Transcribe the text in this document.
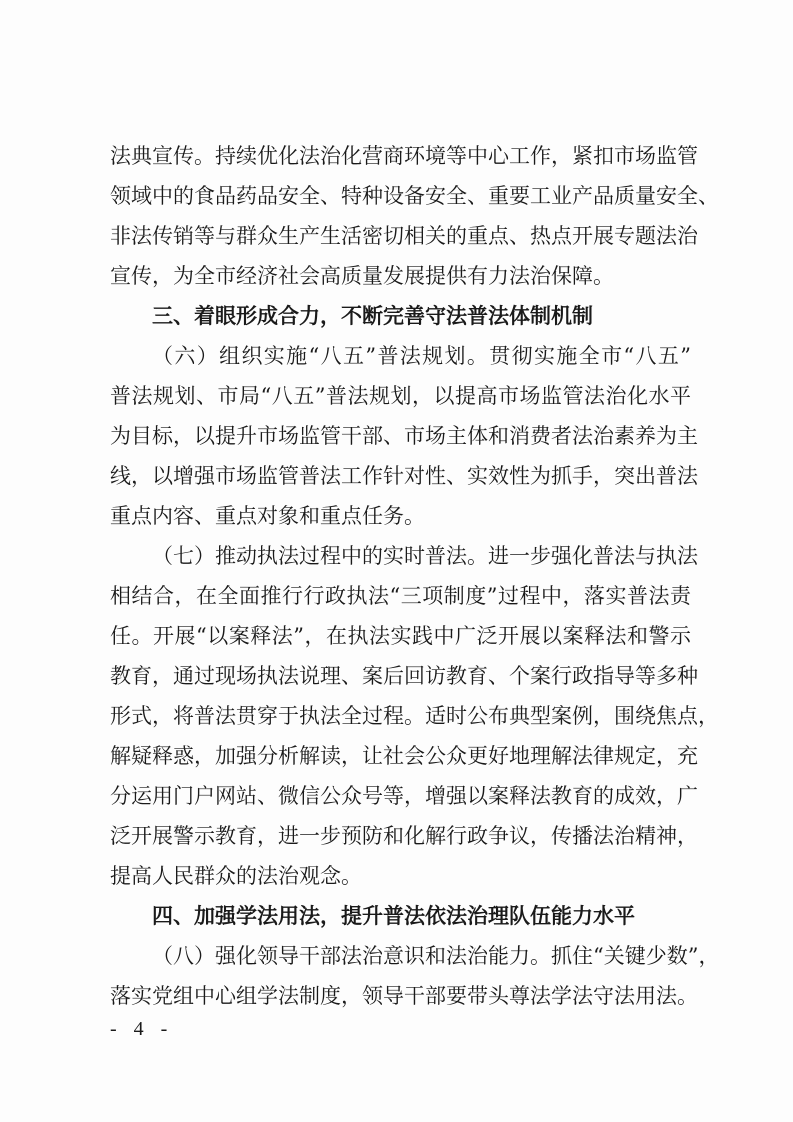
法典宣传。持续优化法治化营商环境等中心工作，紧扣市场监管
领域中的食品药品安全、特种设备安全、重要工业产品质量安全、
非法传销等与群众生产生活密切相关的重点、热点开展专题法治
宣传，为全市经济社会高质量发展提供有力法治保障。
三、着眼形成合力，不断完善守法普法体制机制
（六）组织实施“八五”普法规划。贯彻实施全市“八五”
普法规划、市局“八五”普法规划，以提高市场监管法治化水平
为目标，以提升市场监管干部、市场主体和消费者法治素养为主
线，以增强市场监管普法工作针对性、实效性为抓手，突出普法
重点内容、重点对象和重点任务。
（七）推动执法过程中的实时普法。进一步强化普法与执法
相结合，在全面推行行政执法“三项制度”过程中，落实普法责
任。开展“以案释法”，在执法实践中广泛开展以案释法和警示
教育，通过现场执法说理、案后回访教育、个案行政指导等多种
形式，将普法贯穿于执法全过程。适时公布典型案例，围绕焦点，
解疑释惑，加强分析解读，让社会公众更好地理解法律规定，充
分运用门户网站、微信公众号等，增强以案释法教育的成效，广
泛开展警示教育，进一步预防和化解行政争议，传播法治精神，
提高人民群众的法治观念。
四、加强学法用法，提升普法依法治理队伍能力水平
（八）强化领导干部法治意识和法治能力。抓住“关键少数”，
落实党组中心组学法制度，领导干部要带头尊法学法守法用法。
- 4 -
